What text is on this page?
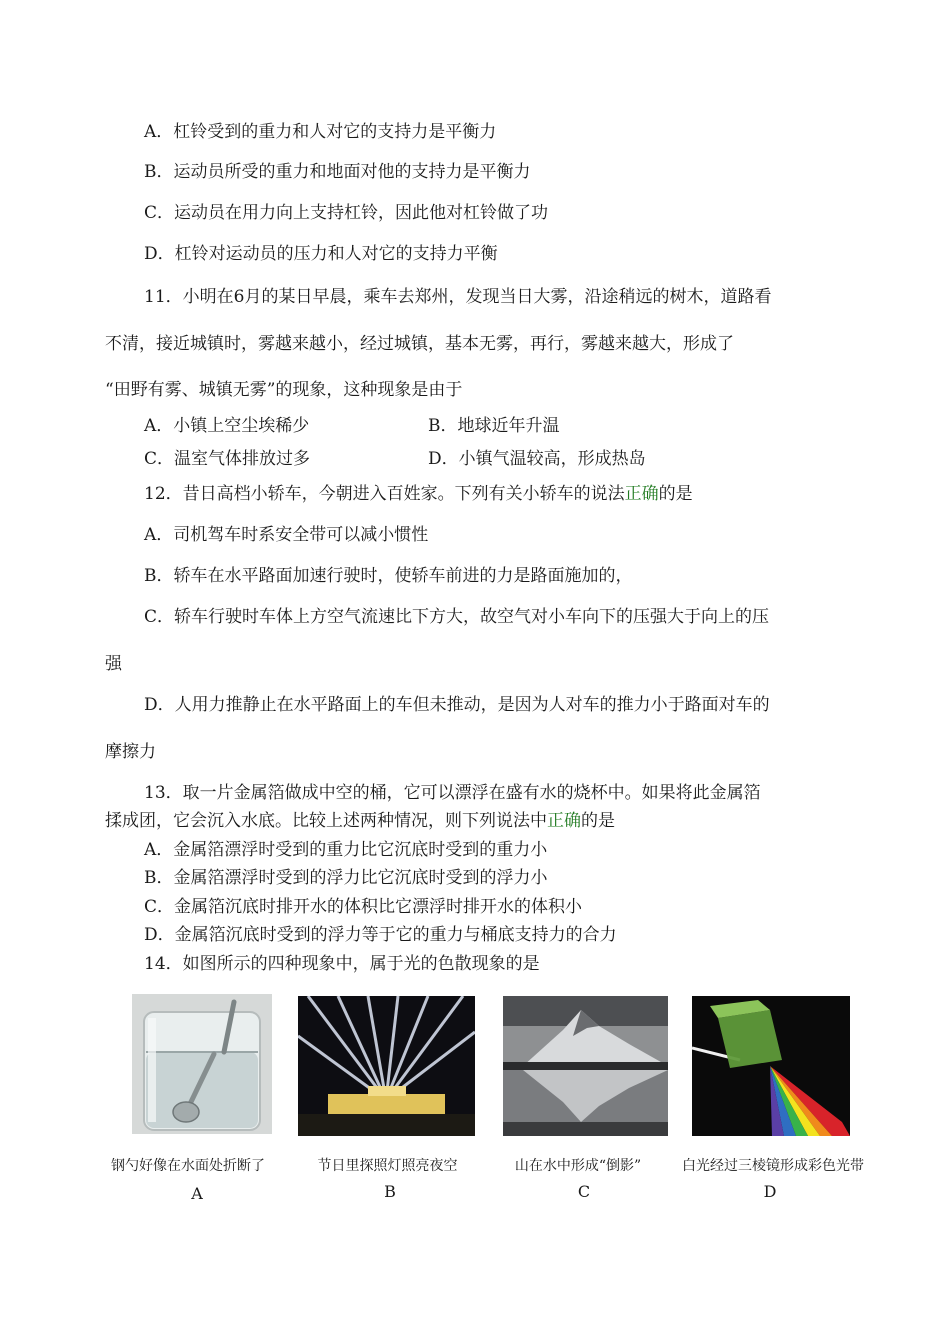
A．杠铃受到的重力和人对它的支持力是平衡力
B．运动员所受的重力和地面对他的支持力是平衡力
C．运动员在用力向上支持杠铃，因此他对杠铃做了功
D．杠铃对运动员的压力和人对它的支持力平衡
11．小明在6月的某日早晨，乘车去郑州，发现当日大雾，沿途稍远的树木，道路看
不清，接近城镇时，雾越来越小，经过城镇，基本无雾，再行，雾越来越大，形成了
“田野有雾、城镇无雾”的现象，这种现象是由于
A．小镇上空尘埃稀少	B．地球近年升温
C．温室气体排放过多	D．小镇气温较高，形成热岛
12．昔日高档小轿车，今朝进入百姓家。下列有关小轿车的说法正确的是
A．司机驾车时系安全带可以减小惯性
B．轿车在水平路面加速行驶时，使轿车前进的力是路面施加的，
C．轿车行驶时车体上方空气流速比下方大，故空气对小车向下的压强大于向上的压
强
D．人用力推静止在水平路面上的车但未推动，是因为人对车的推力小于路面对车的
摩擦力
13．取一片金属箔做成中空的桶，它可以漂浮在盛有水的烧杯中。如果将此金属箔
揉成团，它会沉入水底。比较上述两种情况，则下列说法中正确的是
A．金属箔漂浮时受到的重力比它沉底时受到的重力小
B．金属箔漂浮时受到的浮力比它沉底时受到的浮力小
C．金属箔沉底时排开水的体积比它漂浮时排开水的体积小
D．金属箔沉底时受到的浮力等于它的重力与桶底支持力的合力
14．如图所示的四种现象中，属于光的色散现象的是
钢勺好像在水面处折断了	节日里探照灯照亮夜空	山在水中形成“倒影”	白光经过三棱镜形成彩色光带
A	B	C	D
